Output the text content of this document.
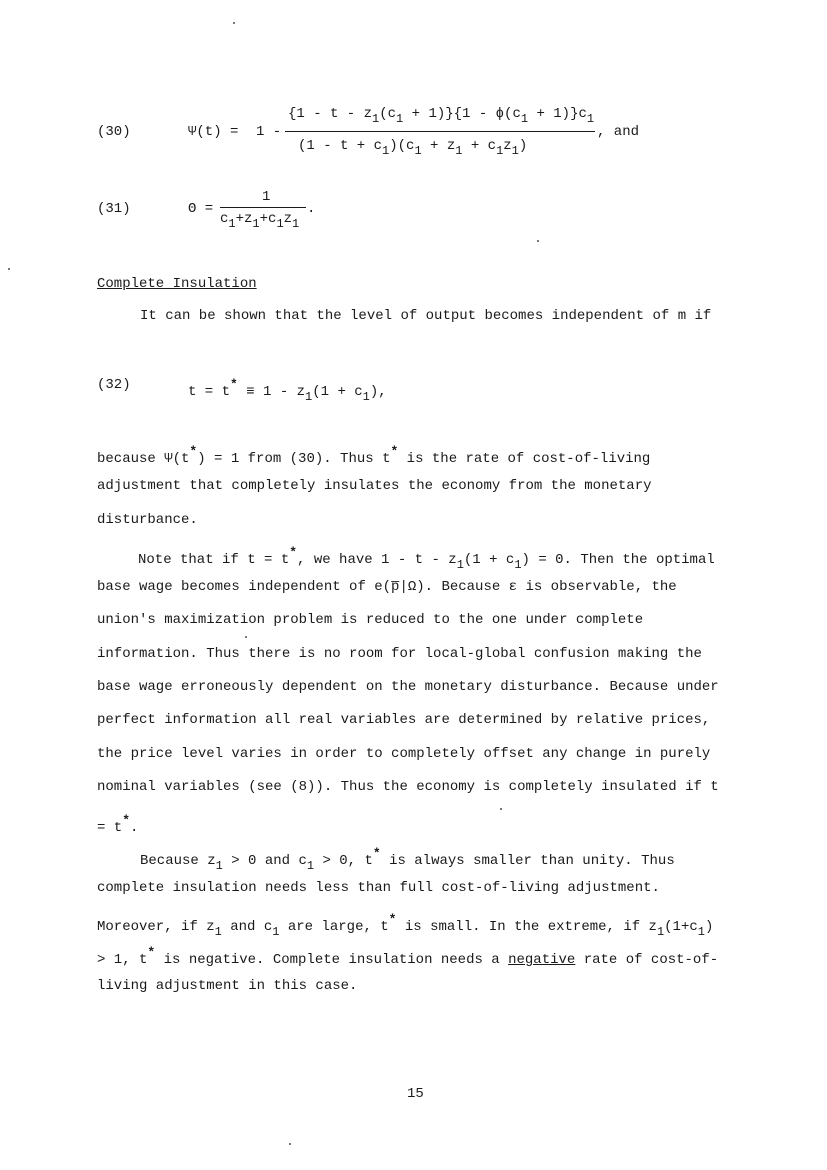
(30)	Ψ(t) = 1 -
{1 - t - z1(c1 + 1)}{1 - ϕ(c1 + 1)}c1
(1 - t + c1)(c1 + z1 + c1z1)
, and
(31)	Θ =
1
c1+z1+c1z1
.
Complete Insulation
It can be shown that the level of output becomes independent of m if
(32)	t = t* ≡ 1 - z1(1 + c1),
because Ψ(t*) = 1 from (30). Thus t* is the rate of cost-of-living
adjustment that completely insulates the economy from the monetary
disturbance.
Note that if t = t*, we have 1 - t - z1(1 + c1) = 0. Then the optimal
base wage becomes independent of e(p̅|Ω). Because ε is observable, the
union's maximization problem is reduced to the one under complete
information. Thus there is no room for local-global confusion making the
base wage erroneously dependent on the monetary disturbance. Because under
perfect information all real variables are determined by relative prices,
the price level varies in order to completely offset any change in purely
nominal variables (see (8)). Thus the economy is completely insulated if t
= t*.
Because z1 > 0 and c1 > 0, t* is always smaller than unity. Thus
complete insulation needs less than full cost-of-living adjustment.
Moreover, if z1 and c1 are large, t* is small. In the extreme, if z1(1+c1)
> 1, t* is negative. Complete insulation needs a negative rate of cost-of-
living adjustment in this case.
15
